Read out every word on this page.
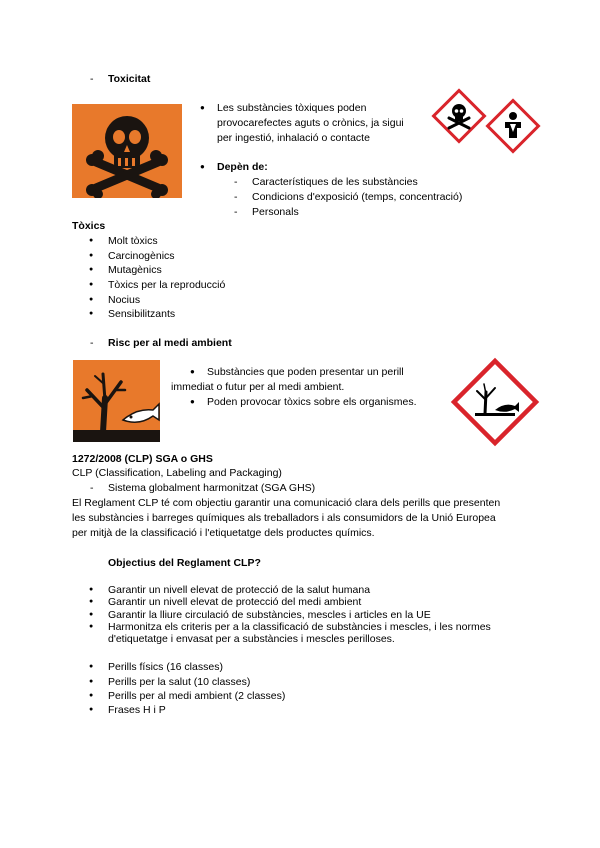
- Toxicitat
Les substàncies tòxiques poden
provocarefectes aguts o crònics, ja sigui
per ingestió, inhalació o contacte
● Depèn de:
- Característiques de les substàncies
- Condicions d'exposició (temps, concentració)
- Personals
Tòxics
● Molt tòxics
● Carcinogènics
● Mutagènics
● Tòxics per la reproducció
● Nocius
● Sensibilitzants
- Risc per al medi ambient
● Substàncies que poden presentar un perill
immediat o futur per al medi ambient.
● Poden provocar tòxics sobre els organismes.
1272/2008 (CLP) SGA o GHS
CLP (Classification, Labeling and Packaging)
- Sistema globalment harmonitzat (SGA GHS)
El Reglament CLP té com objectiu garantir una comunicació clara dels perills que presenten
les substàncies i barreges químiques als treballadors i als consumidors de la Unió Europea
per mitjà de la classificació i l'etiquetatge dels productes químics.
Objectius del Reglament CLP?
● Garantir un nivell elevat de protecció de la salut humana
● Garantir un nivell elevat de protecció del medi ambient
● Garantir la lliure circulació de substàncies, mescles i articles en la UE
● Harmonitza els criteris per a la classificació de substàncies i mescles, i les normes
d'etiquetatge i envasat per a substàncies i mescles perilloses.
● Perills físics (16 classes)
● Perills per la salut (10 classes)
● Perills per al medi ambient (2 classes)
● Frases H i P
